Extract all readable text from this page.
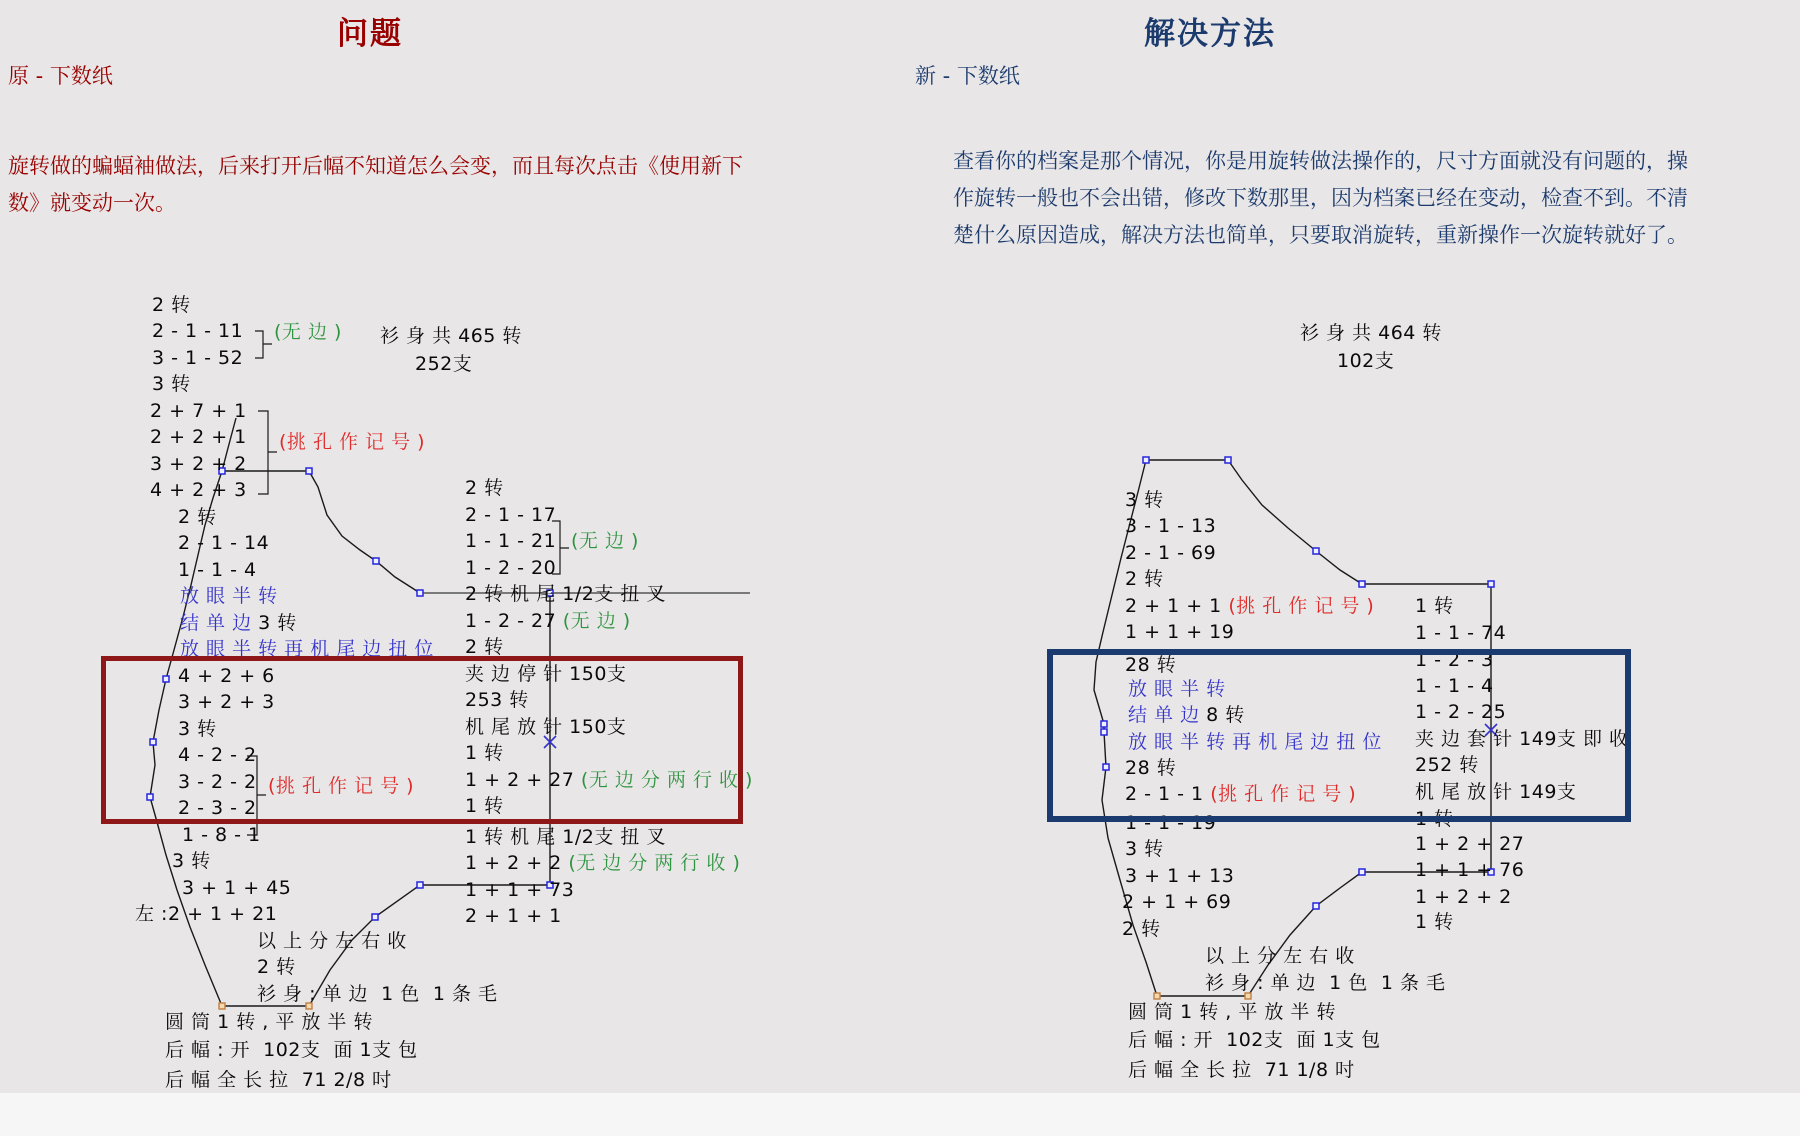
问题	解决方法
原 - 下数纸	新 - 下数纸
旋转做的蝙蝠袖做法，后来打开后幅不知道怎么会变，而且每次点击《使用新下
数》就变动一次。
查看你的档案是那个情况，你是用旋转做法操作的，尺寸方面就没有问题的，操
作旋转一般也不会出错，修改下数那里，因为档案已经在变动，检查不到。不清
楚什么原因造成，解决方法也简单，只要取消旋转，重新操作一次旋转就好了。
2 转
2 - 1 - 11
3 - 1 - 52
(无 边 ) 衫 身 共 465 转
252支
3 转
2 + 7 + 1
2 + 2 + 1
3 + 2 + 2
4 + 2 + 3
(挑 孔 作 记 号 )
2 转
2 - 1 - 14
1 - 1 - 4
放 眼 半 转
结 单 边 3 转
放 眼 半 转 再 机 尾 边 扭 位
4 + 2 + 6
3 + 2 + 3
3 转
4 - 2 - 2
3 - 2 - 2
2 - 3 - 2
(挑 孔 作 记 号 )
1 - 8 - 1
3 转
3 + 1 + 45
左 :2 + 1 + 21
以 上 分 左 右 收
2 转
衫 身 : 单 边  1 色  1 条 毛
圆 筒 1 转 , 平 放 半 转
后 幅 : 开  102支  面 1支 包
后 幅 全 长 拉  71 2/8 吋
2 转
2 - 1 - 17
1 - 1 - 21
1 - 2 - 20
(无 边 )
2 转 机 尾 1/2支 扭 叉
1 - 2 - 27 (无 边 )
2 转
夹 边 停 针 150支
253 转
机 尾 放 针 150支
1 转
1 + 2 + 27 (无 边 分 两 行 收 )
1 转
1 转 机 尾 1/2支 扭 叉
1 + 2 + 2 (无 边 分 两 行 收 )
1 + 1 + 73
2 + 1 + 1
衫 身 共 464 转
102支
3 转
3 - 1 - 13
2 - 1 - 69
2 转
2 + 1 + 1 (挑 孔 作 记 号 )
1 + 1 + 19
28 转
放 眼 半 转
结 单 边 8 转
放 眼 半 转 再 机 尾 边 扭 位
28 转
2 - 1 - 1 (挑 孔 作 记 号 )
1 - 1 - 19
3 转
3 + 1 + 13
2 + 1 + 69
2 转
以 上 分 左 右 收
衫 身 : 单 边  1 色  1 条 毛
圆 筒 1 转 , 平 放 半 转
后 幅 : 开  102支  面 1支 包
后 幅 全 长 拉  71 1/8 吋
1 转
1 - 1 - 74
1 - 2 - 3
1 - 1 - 4
1 - 2 - 25
夹 边 套 针 149支 即 收
252 转
机 尾 放 针 149支
1 转
1 + 2 + 27
1 + 1 + 76
1 + 2 + 2
1 转
